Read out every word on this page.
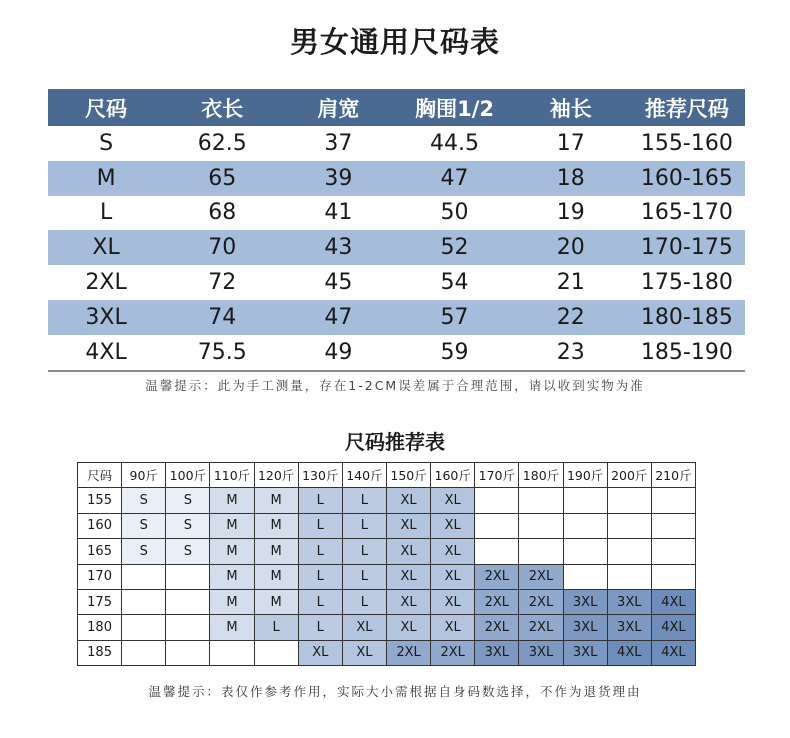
男女通用尺码表
尺码	衣长	肩宽	胸围1/2	袖长	推荐尺码
S	62.5	37	44.5	17	155-160
M	65	39	47	18	160-165
L	68	41	50	19	165-170
XL	70	43	52	20	170-175
2XL	72	45	54	21	175-180
3XL	74	47	57	22	180-185
4XL	75.5	49	59	23	185-190
温馨提示：此为手工测量，存在1-2CM误差属于合理范围，请以收到实物为准
尺码推荐表
尺码	90斤	100斤	110斤	120斤	130斤	140斤	150斤	160斤	170斤	180斤	190斤	200斤	210斤
155	S	S	M	M	L	L	XL	XL					
160	S	S	M	M	L	L	XL	XL					
165	S	S	M	M	L	L	XL	XL					
170			M	M	L	L	XL	XL	2XL	2XL			
175			M	M	L	L	XL	XL	2XL	2XL	3XL	3XL	4XL
180			M	L	L	XL	XL	XL	2XL	2XL	3XL	3XL	4XL
185					XL	XL	2XL	2XL	3XL	3XL	3XL	4XL	4XL
温馨提示：表仅作参考作用，实际大小需根据自身码数选择，不作为退货理由
